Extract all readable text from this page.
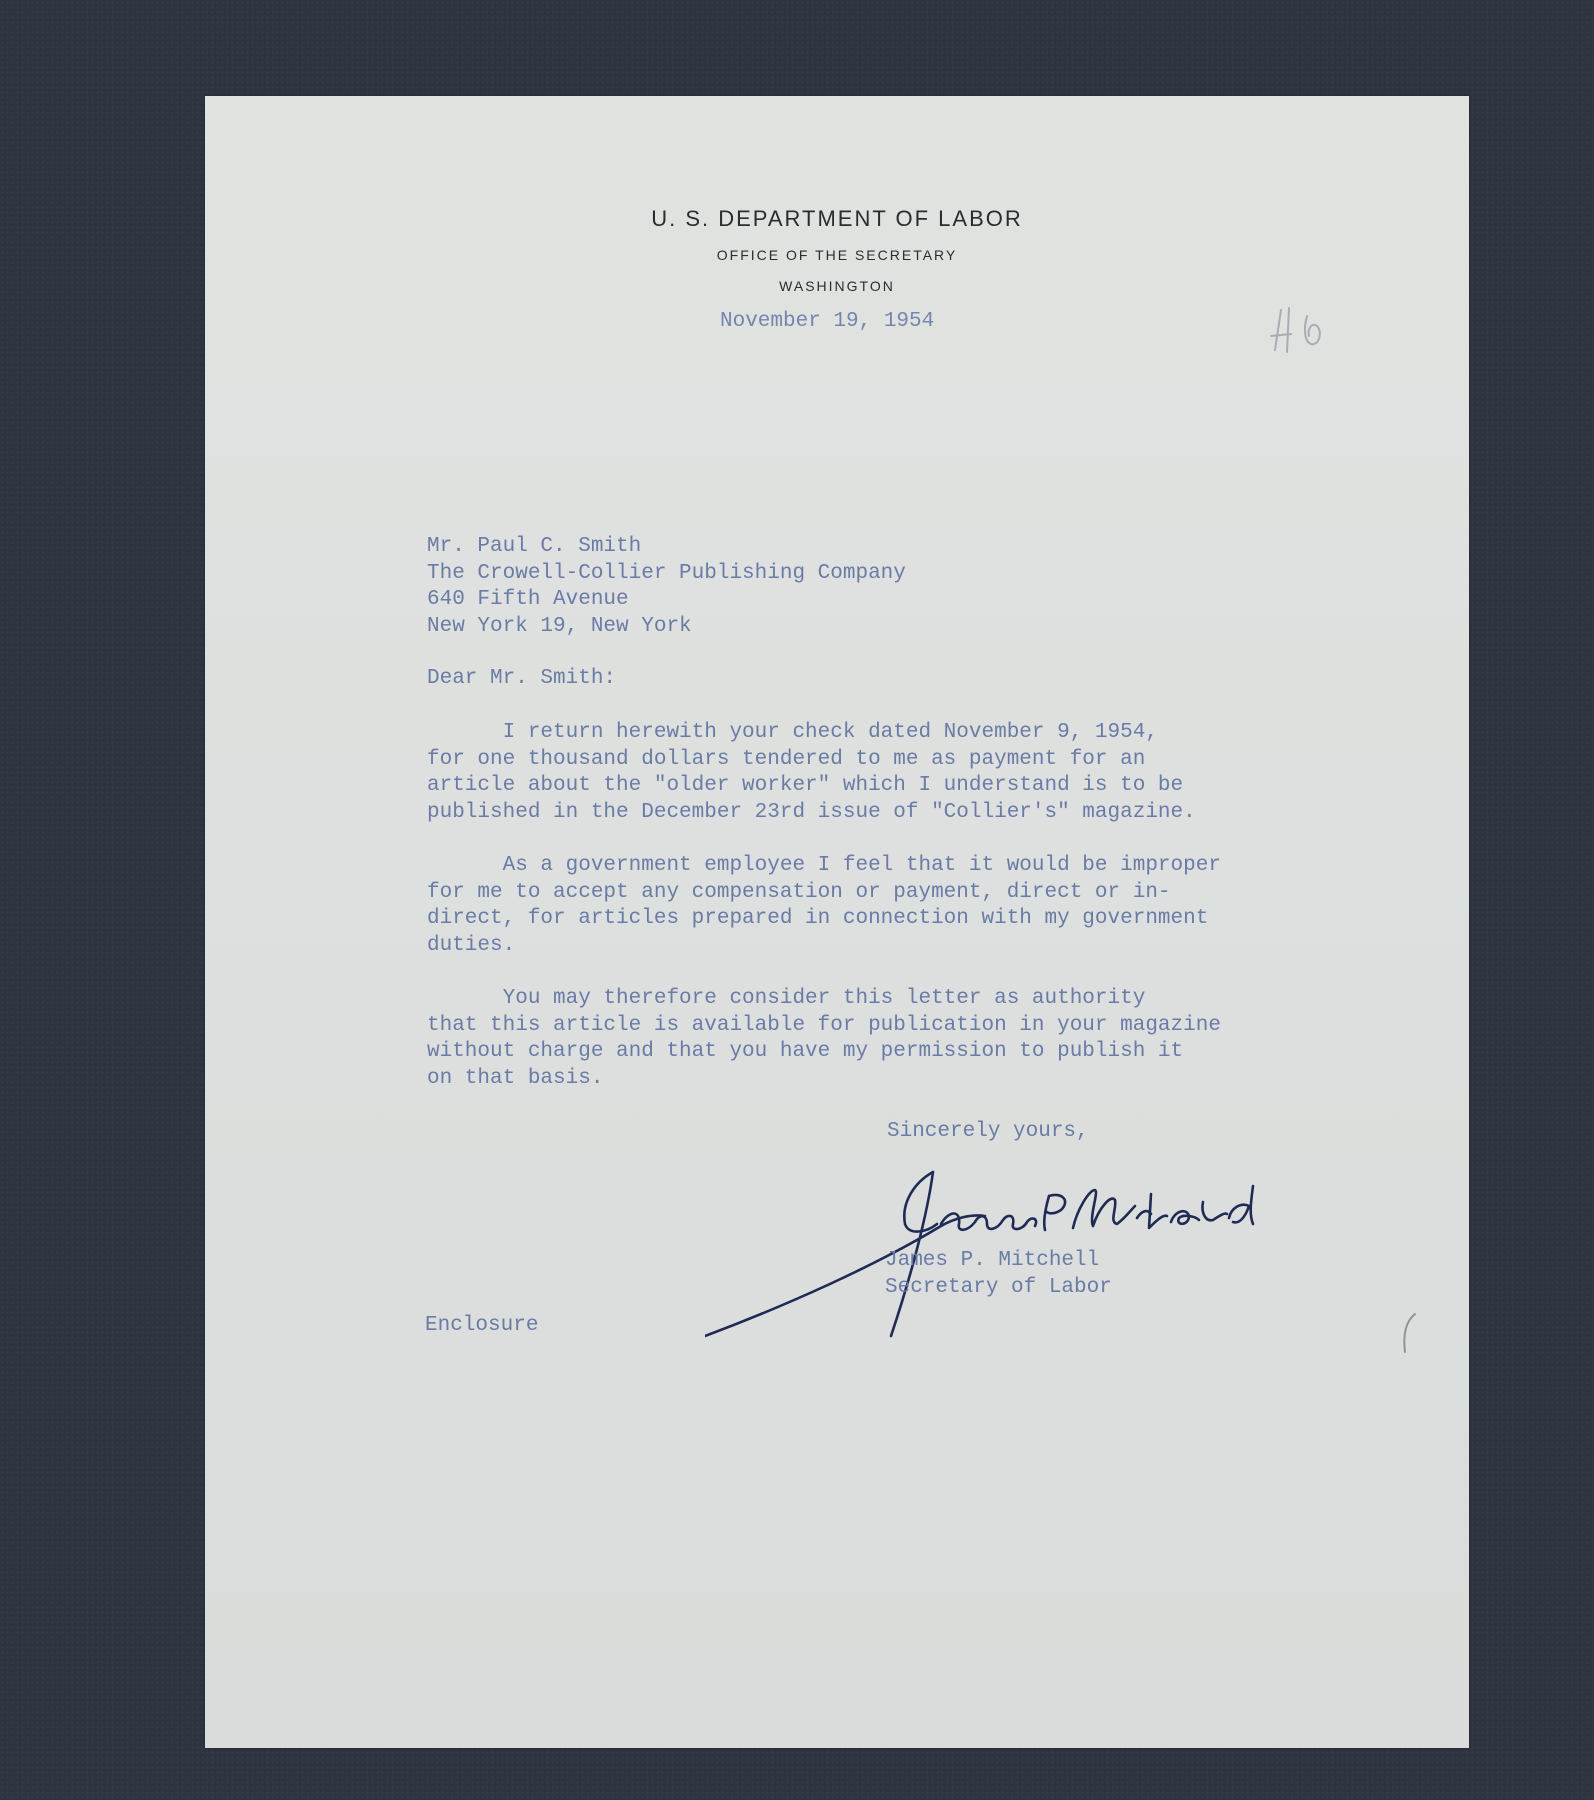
U. S. DEPARTMENT OF LABOR
OFFICE OF THE SECRETARY
WASHINGTON
November 19, 1954
Mr. Paul C. Smith
The Crowell-Collier Publishing Company
640 Fifth Avenue
New York 19, New York
Dear Mr. Smith:
I return herewith your check dated November 9, 1954,
for one thousand dollars tendered to me as payment for an
article about the "older worker" which I understand is to be
published in the December 23rd issue of "Collier's" magazine.
As a government employee I feel that it would be improper
for me to accept any compensation or payment, direct or in-
direct, for articles prepared in connection with my government
duties.
You may therefore consider this letter as authority
that this article is available for publication in your magazine
without charge and that you have my permission to publish it
on that basis.
Sincerely yours,
James P. Mitchell
Secretary of Labor
Enclosure
